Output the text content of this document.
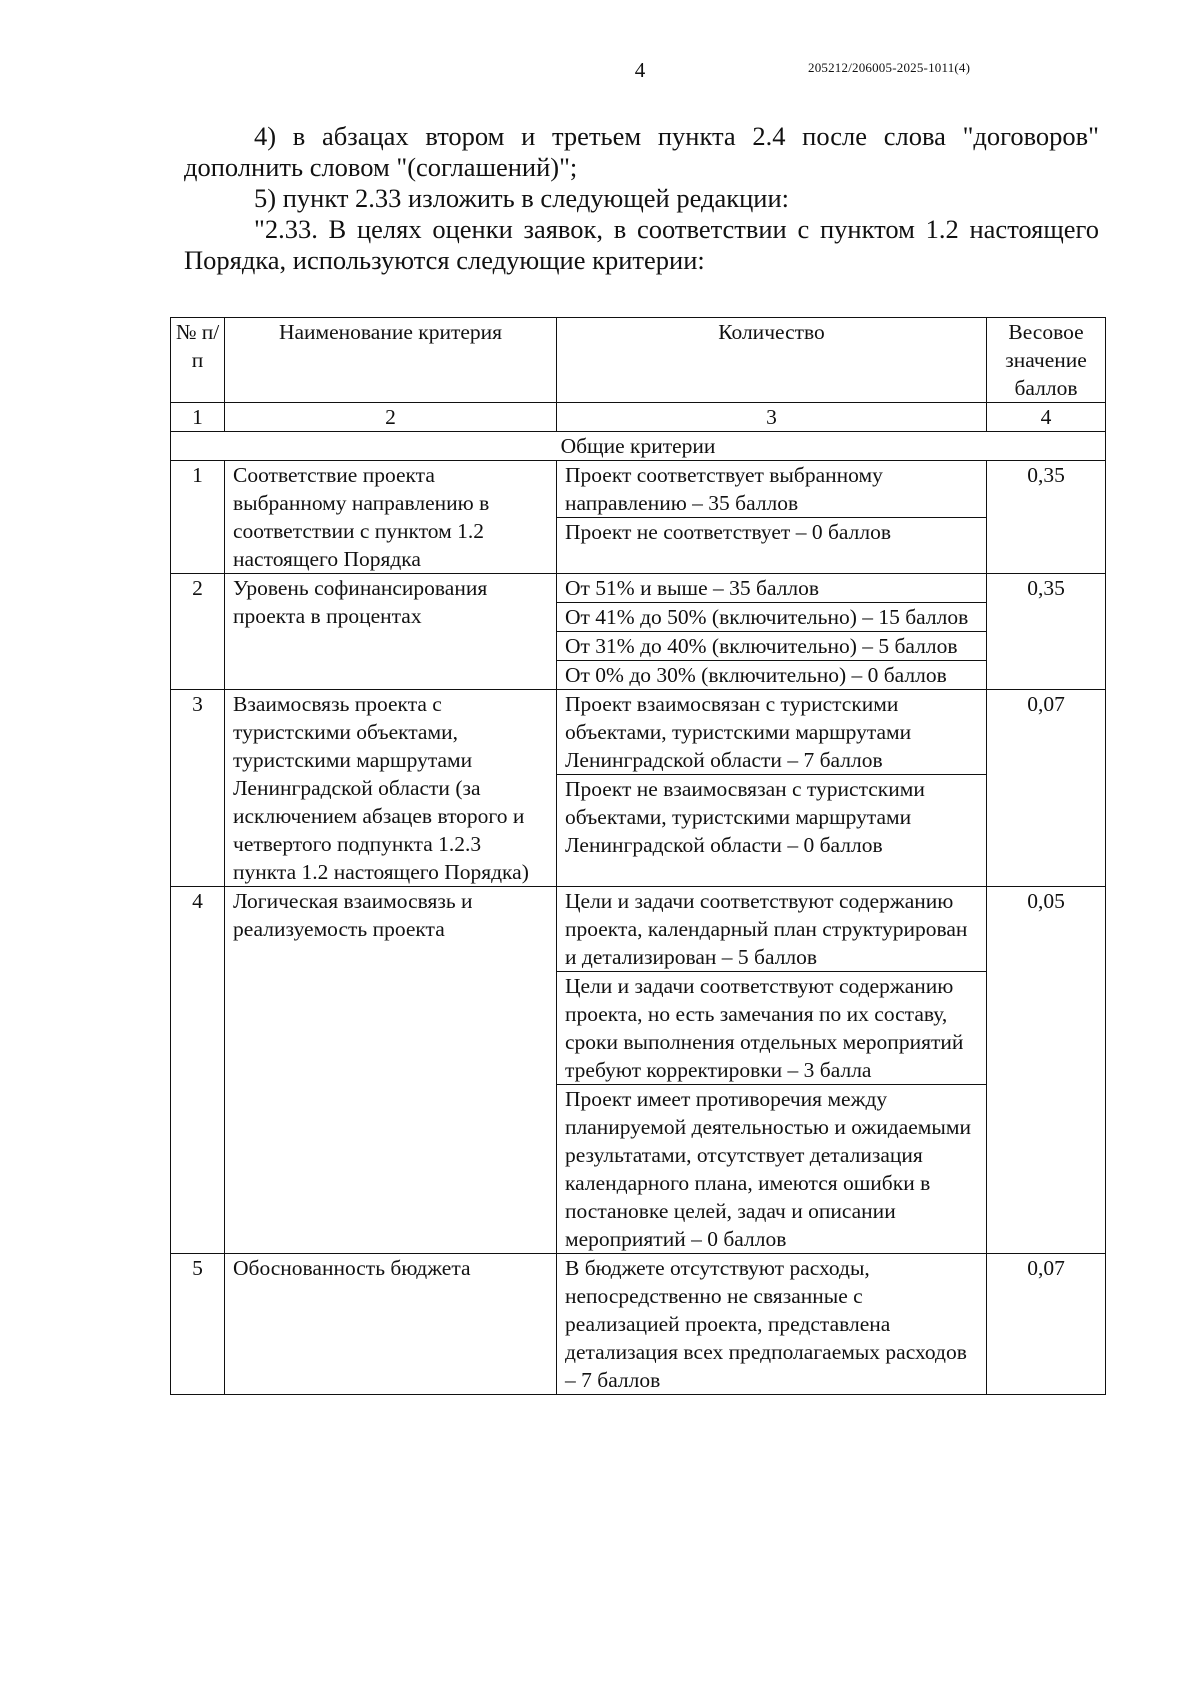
4	205212/206005-2025-1011(4)

4) в абзацах втором и третьем пункта 2.4 после слова "договоров" дополнить словом "(соглашений)";

5) пункт 2.33 изложить в следующей редакции:

"2.33. В целях оценки заявок, в соответствии с пунктом 1.2 настоящего Порядка, используются следующие критерии:

№ п/п	Наименование критерия	Количество	Весовое значение баллов
1	2	3	4
Общие критерии			
1	Соответствие проекта выбранному направлению в соответствии с пунктом 1.2 настоящего Порядка	Проект соответствует выбранному направлению – 35 баллов
Проект не соответствует – 0 баллов	0,35
2	Уровень софинансирования проекта в процентах	От 51% и выше – 35 баллов
От 41% до 50% (включительно) – 15 баллов
От 31% до 40% (включительно) – 5 баллов
От 0% до 30% (включительно) – 0 баллов	0,35
3	Взаимосвязь проекта с туристскими объектами, туристскими маршрутами Ленинградской области (за исключением абзацев второго и четвертого подпункта 1.2.3 пункта 1.2 настоящего Порядка)	Проект взаимосвязан с туристскими объектами, туристскими маршрутами Ленинградской области – 7 баллов
Проект не взаимосвязан с туристскими объектами, туристскими маршрутами Ленинградской области – 0 баллов	0,07
4	Логическая взаимосвязь и реализуемость проекта	Цели и задачи соответствуют содержанию проекта, календарный план структурирован и детализирован – 5 баллов
Цели и задачи соответствуют содержанию проекта, но есть замечания по их составу, сроки выполнения отдельных мероприятий требуют корректировки – 3 балла
Проект имеет противоречия между планируемой деятельностью и ожидаемыми результатами, отсутствует детализация календарного плана, имеются ошибки в постановке целей, задач и описании мероприятий – 0 баллов	0,05
5	Обоснованность бюджета	В бюджете отсутствуют расходы, непосредственно не связанные с реализацией проекта, представлена детализация всех предполагаемых расходов – 7 баллов	0,07
